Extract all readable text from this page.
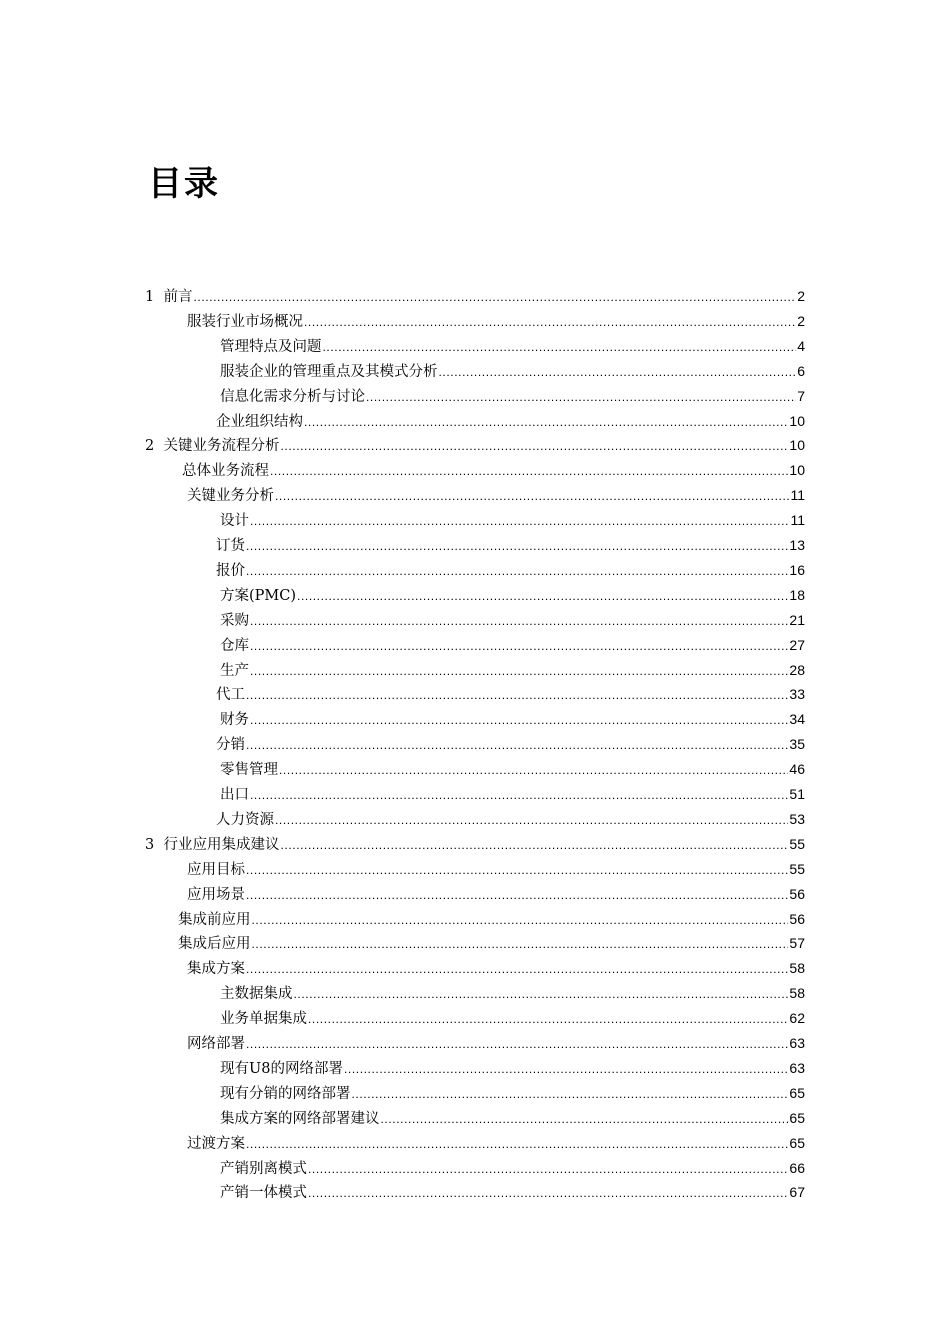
目录
1  前言 .....	2
服装行业市场概况 .....	2
管理特点及问题 .....	4
服装企业的管理重点及其模式分析 .....	6
信息化需求分析与讨论 .....	7
企业组织结构 .....	10
2  关键业务流程分析 .....	10
总体业务流程 .....	10
关键业务分析 .....	11
设计 .....	11
订货 .....	13
报价 .....	16
方案(PMC) .....	18
采购 .....	21
仓库 .....	27
生产 .....	28
代工 .....	33
财务 .....	34
分销 .....	35
零售管理 .....	46
出口 .....	51
人力资源 .....	53
3  行业应用集成建议 .....	55
应用目标 .....	55
应用场景 .....	56
集成前应用 .....	56
集成后应用 .....	57
集成方案 .....	58
主数据集成 .....	58
业务单据集成 .....	62
网络部署 .....	63
现有U8的网络部署 .....	63
现有分销的网络部署 .....	65
集成方案的网络部署建议 .....	65
过渡方案 .....	65
产销别离模式 .....	66
产销一体模式 .....	67
